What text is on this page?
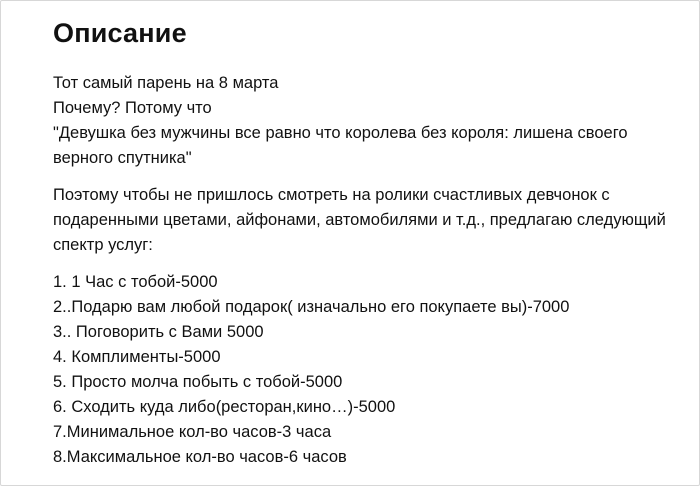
Описание

Тот самый парень на 8 марта
Почему? Потому что
"Девушка без мужчины все равно что королева без короля: лишена своего
верного спутника"

Поэтому чтобы не пришлось смотреть на ролики счастливых девчонок с
подаренными цветами, айфонами, автомобилями и т.д., предлагаю следующий
спектр услуг:

1. 1 Час с тобой-5000
2..Подарю вам любой подарок( изначально его покупаете вы)-7000
3.. Поговорить с Вами 5000
4. Комплименты-5000
5. Просто молча побыть с тобой-5000
6. Сходить куда либо(ресторан,кино…)-5000
7.Минимальное кол-во часов-3 часа
8.Максимальное кол-во часов-6 часов
